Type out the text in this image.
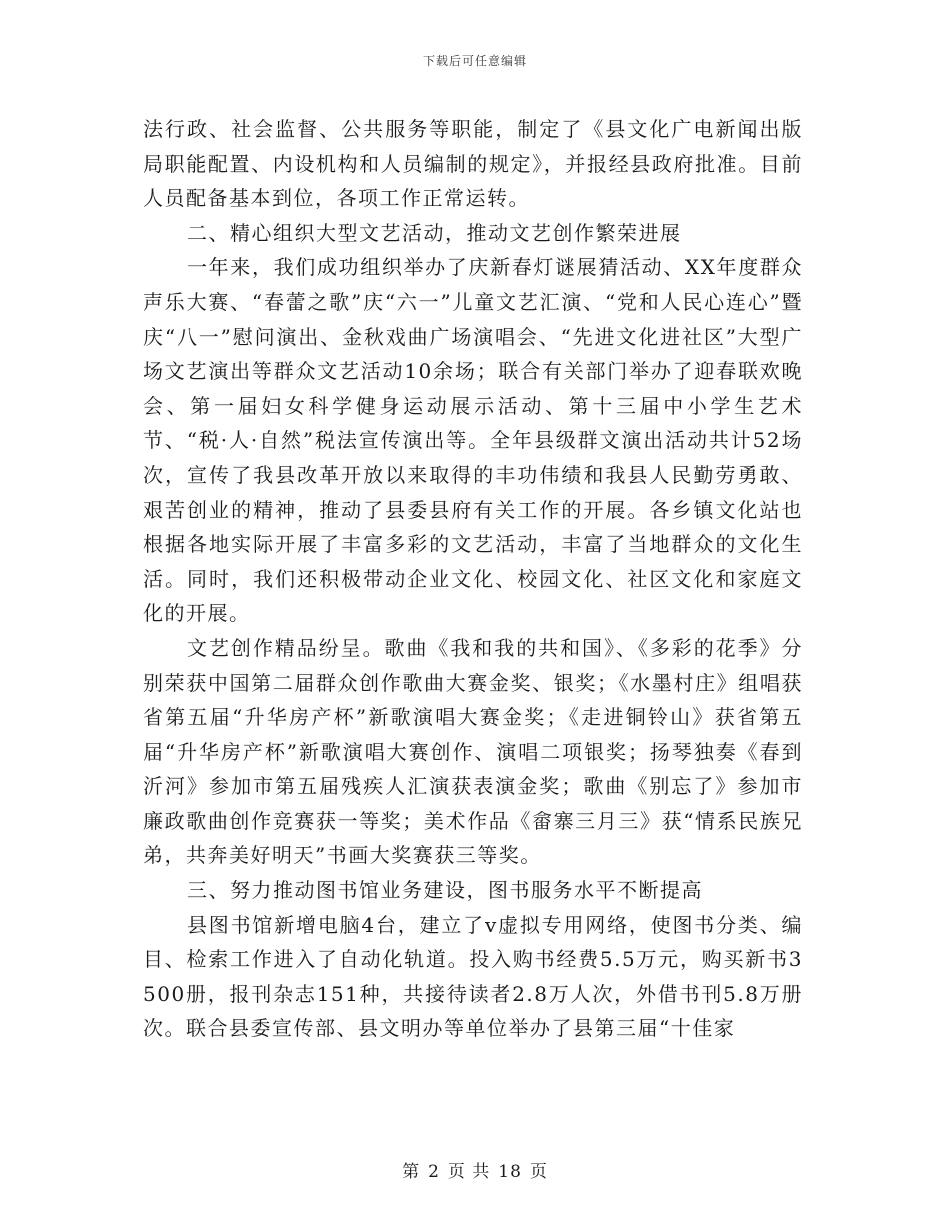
下载后可任意编辑

法行政、社会监督、公共服务等职能，制定了《县文化广电新闻出版局职能配置、内设机构和人员编制的规定》，并报经县政府批准。目前人员配备基本到位，各项工作正常运转。

二、精心组织大型文艺活动，推动文艺创作繁荣进展

一年来，我们成功组织举办了庆新春灯谜展猜活动、XX年度群众声乐大赛、“春蕾之歌”庆“六一”儿童文艺汇演、“党和人民心连心”暨庆“八一”慰问演出、金秋戏曲广场演唱会、“先进文化进社区”大型广场文艺演出等群众文艺活动10余场；联合有关部门举办了迎春联欢晚会、第一届妇女科学健身运动展示活动、第十三届中小学生艺术节、“税·人·自然”税法宣传演出等。全年县级群文演出活动共计52场次，宣传了我县改革开放以来取得的丰功伟绩和我县人民勤劳勇敢、艰苦创业的精神，推动了县委县府有关工作的开展。各乡镇文化站也根据各地实际开展了丰富多彩的文艺活动，丰富了当地群众的文化生活。同时，我们还积极带动企业文化、校园文化、社区文化和家庭文化的开展。

文艺创作精品纷呈。歌曲《我和我的共和国》、《多彩的花季》分别荣获中国第二届群众创作歌曲大赛金奖、银奖；《水墨村庄》组唱获省第五届“升华房产杯”新歌演唱大赛金奖；《走进铜铃山》获省第五届“升华房产杯”新歌演唱大赛创作、演唱二项银奖；扬琴独奏《春到沂河》参加市第五届残疾人汇演获表演金奖；歌曲《别忘了》参加市廉政歌曲创作竞赛获一等奖；美术作品《畲寨三月三》获“情系民族兄弟，共奔美好明天”书画大奖赛获三等奖。

三、努力推动图书馆业务建设，图书服务水平不断提高

县图书馆新增电脑4台，建立了v虚拟专用网络，使图书分类、编目、检索工作进入了自动化轨道。投入购书经费5.5万元，购买新书3500册，报刊杂志151种，共接待读者2.8万人次，外借书刊5.8万册次。联合县委宣传部、县文明办等单位举办了县第三届“十佳家

第 2 页 共 18 页
